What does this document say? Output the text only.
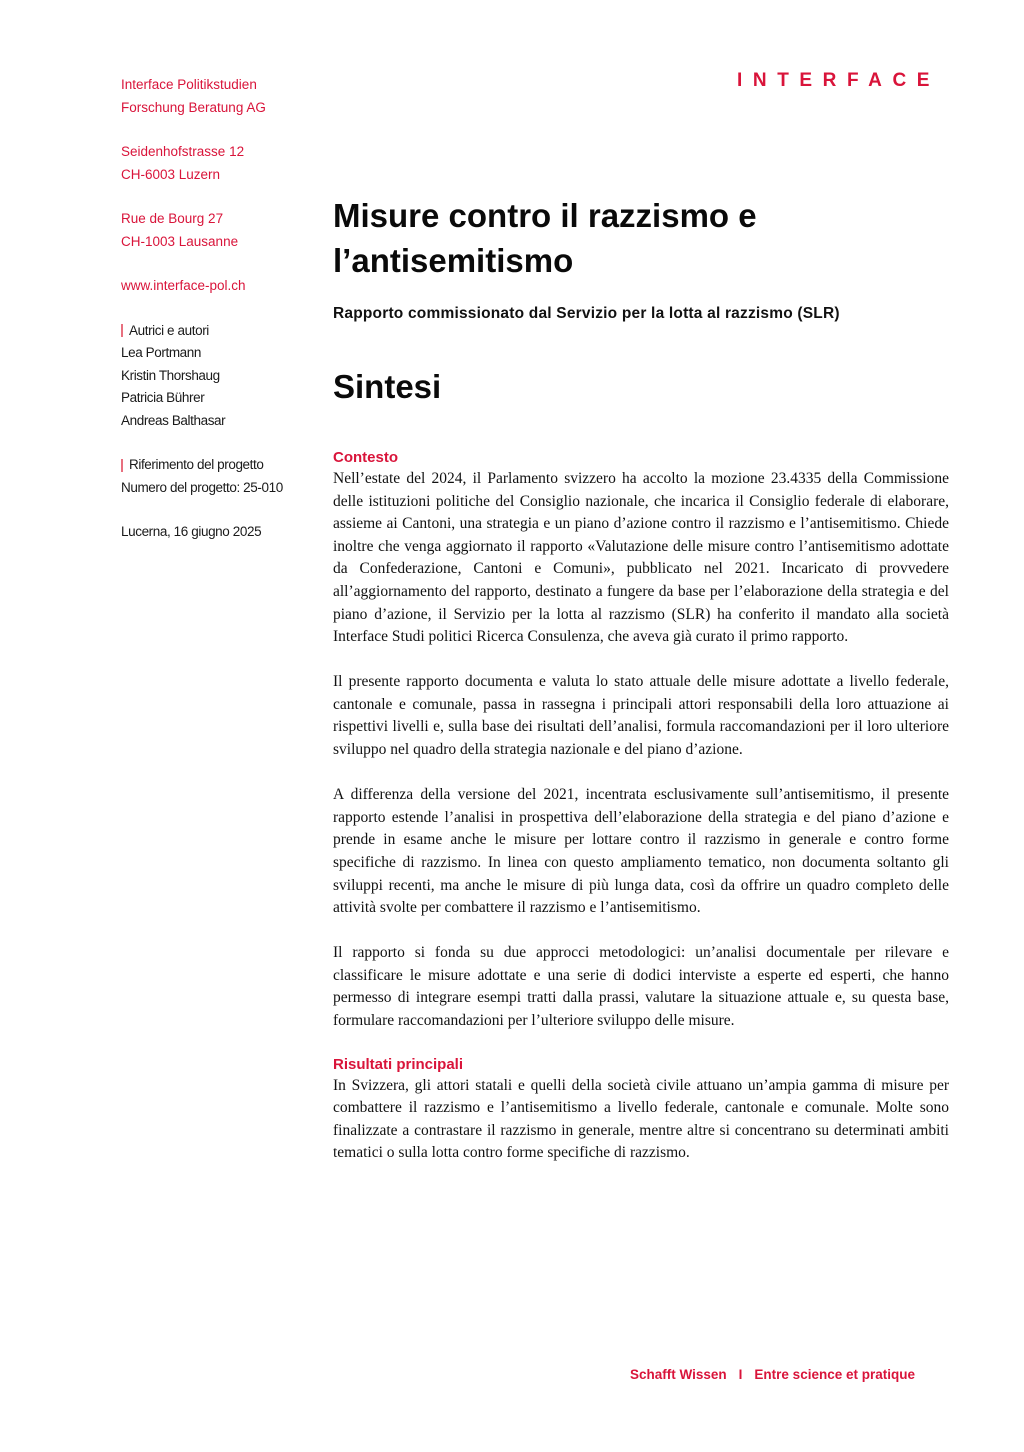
Interface Politikstudien

Forschung Beratung AG

Seidenhofstrasse 12

CH-6003 Luzern

Rue de Bourg 27

CH-1003 Lausanne

www.interface-pol.ch

Autrici e autori

Lea Portmann

Kristin Thorshaug

Patricia Bührer

Andreas Balthasar

Riferimento del progetto

Numero del progetto: 25-010

Lucerna, 16 giugno 2025

INTERFACE
Misure contro il razzismo e
l’antisemitismo

Rapporto commissionato dal Servizio per la lotta al razzismo (SLR)

Sintesi
Contesto

Nell’estate del 2024, il Parlamento svizzero ha accolto la mozione 23.4335 della Commissione delle istituzioni politiche del Consiglio nazionale, che incarica il Consiglio federale di elaborare, assieme ai Cantoni, una strategia e un piano d’azione contro il razzismo e l’antisemitismo. Chiede inoltre che venga aggiornato il rapporto «Valutazione delle misure contro l’antisemitismo adottate da Confederazione, Cantoni e Comuni», pubblicato nel 2021. Incaricato di provvedere all’aggiornamento del rapporto, destinato a fungere da base per l’elaborazione della strategia e del piano d’azione, il Servizio per la lotta al razzismo (SLR) ha conferito il mandato alla società Interface Studi politici Ricerca Consulenza, che aveva già curato il primo rapporto.

Il presente rapporto documenta e valuta lo stato attuale delle misure adottate a livello federale, cantonale e comunale, passa in rassegna i principali attori responsabili della loro attuazione ai rispettivi livelli e, sulla base dei risultati dell’analisi, formula raccomandazioni per il loro ulteriore sviluppo nel quadro della strategia nazionale e del piano d’azione.

A differenza della versione del 2021, incentrata esclusivamente sull’antisemitismo, il presente rapporto estende l’analisi in prospettiva dell’elaborazione della strategia e del piano d’azione e prende in esame anche le misure per lottare contro il razzismo in generale e contro forme specifiche di razzismo. In linea con questo ampliamento tematico, non documenta soltanto gli sviluppi recenti, ma anche le misure di più lunga data, così da offrire un quadro completo delle attività svolte per combattere il razzismo e l’antisemitismo.

Il rapporto si fonda su due approcci metodologici: un’analisi documentale per rilevare e classificare le misure adottate e una serie di dodici interviste a esperte ed esperti, che hanno permesso di integrare esempi tratti dalla prassi, valutare la situazione attuale e, su questa base, formulare raccomandazioni per l’ulteriore sviluppo delle misure.

Risultati principali

In Svizzera, gli attori statali e quelli della società civile attuano un’ampia gamma di misure per combattere il razzismo e l’antisemitismo a livello federale, cantonale e comunale. Molte sono finalizzate a contrastare il razzismo in generale, mentre altre si concentrano su determinati ambiti tematici o sulla lotta contro forme specifiche di razzismo.

Schafft Wissen I Entre science et pratique
